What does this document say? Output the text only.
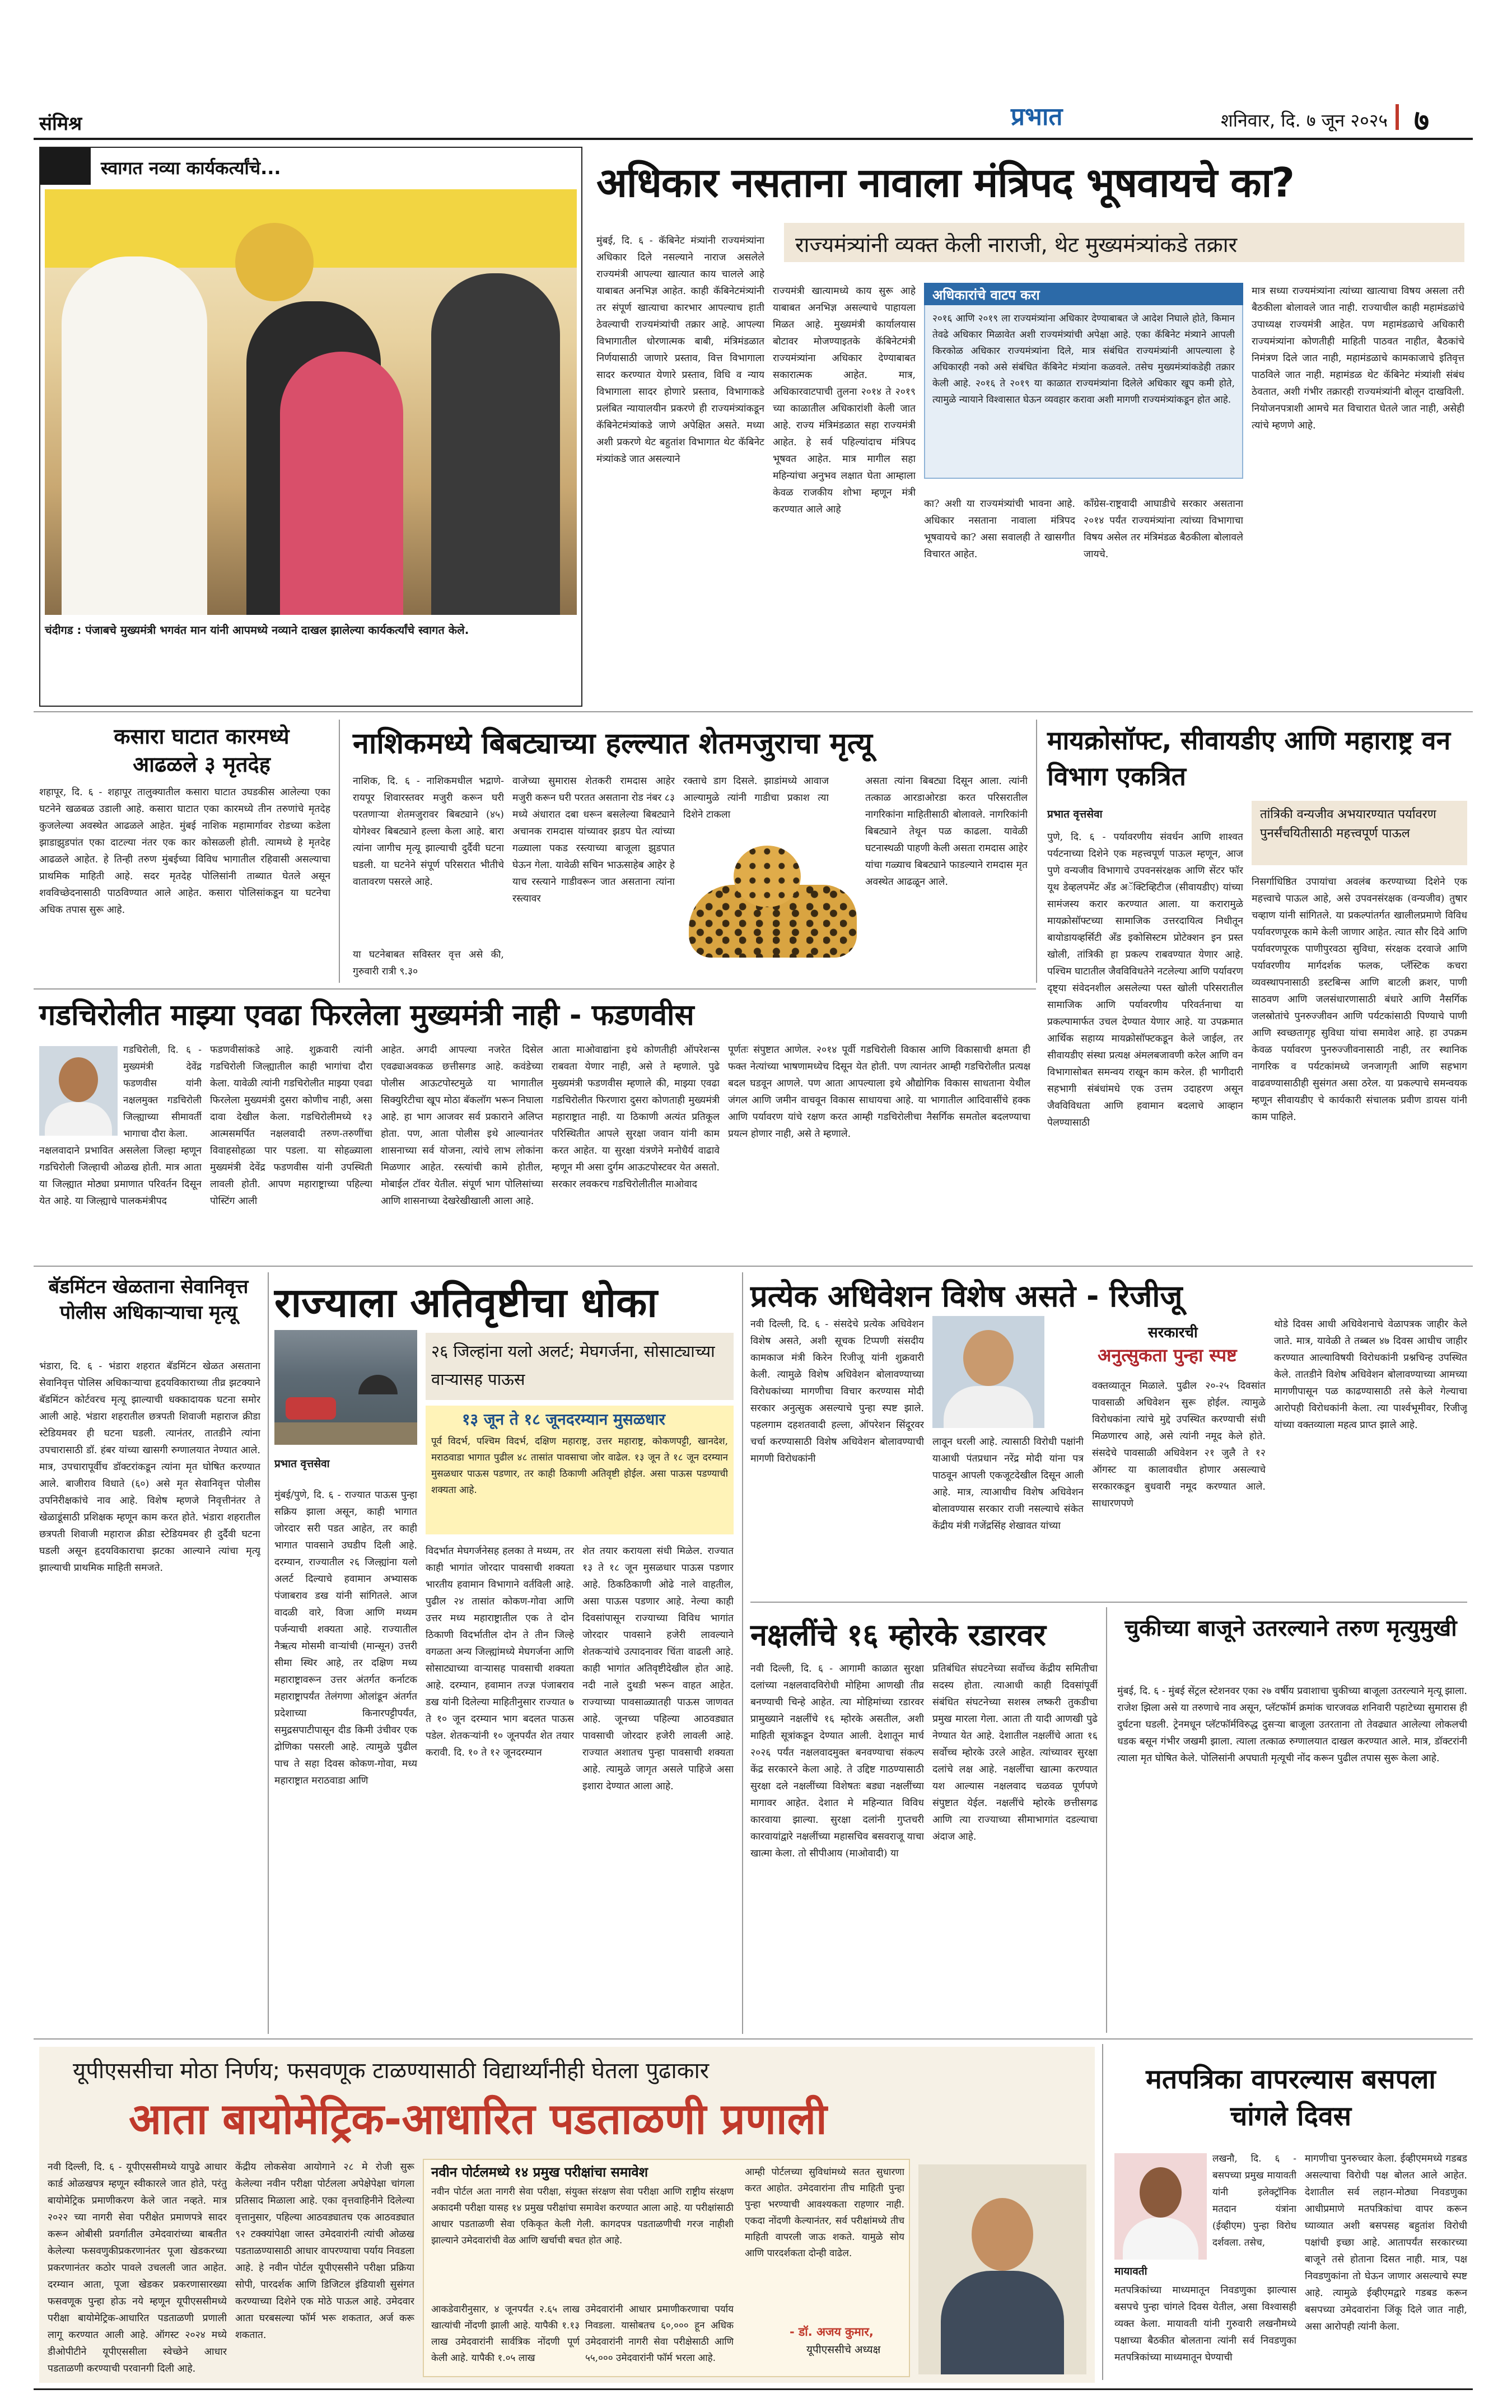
संमिश्र	प्रभात	शनिवार, दि. ७ जून २०२५ ७
स्वागत नव्या कार्यकर्त्यांचे...
चंदीगड : पंजाबचे मुख्यमंत्री भगवंत मान यांनी आपमध्ये नव्याने दाखल झालेल्या कार्यकर्त्यांचे स्वागत केले.
अधिकार नसताना नावाला मंत्रिपद भूषवायचे का?
राज्यमंत्र्यांनी व्यक्त केली नाराजी, थेट मुख्यमंत्र्यांकडे तक्रार
मुंबई, दि. ६ - कॅबिनेट मंत्र्यांनी राज्यमंत्र्यांना अधिकार दिले नसल्याने नाराज असलेले राज्यमंत्री आपल्या खात्यात काय चालले आहे याबाबत अनभिज्ञ आहेत. काही कॅबिनेटमंत्र्यांनी तर संपूर्ण खात्याचा कारभार आपल्याच हाती ठेवल्याची राज्यमंत्र्यांची तक्रार आहे. आपल्या विभागातील धोरणात्मक बाबी, मंत्रिमंडळात निर्णयासाठी जाणारे प्रस्ताव, वित्त विभागाला सादर करण्यात येणारे प्रस्ताव, विधि व न्याय विभागाला सादर होणारे प्रस्ताव, विभागाकडे प्रलंबित न्यायालयीन प्रकरणे ही राज्यमंत्र्यांकडून कॅबिनेटमंत्र्यांकडे जाणे अपेक्षित असते. मध्या अशी प्रकरणे थेट बहुतांश विभागात थेट कॅबिनेट मंत्र्यांकडे जात असल्याने
राज्यमंत्री खात्यामध्ये काय सुरू आहे याबाबत अनभिज्ञ असल्याचे पाहायला मिळत आहे. मुख्यमंत्री कार्यालयास बोटावर मोजण्याइतके कॅबिनेटमंत्री राज्यमंत्र्यांना अधिकार देण्याबाबत सकारात्मक आहेत. मात्र, अधिकारवाटपाची तुलना २०१४ ते २०१९ च्या काळातील अधिकारांशी केली जात आहे. राज्य मंत्रिमंडळात सहा राज्यमंत्री आहेत. हे सर्व पहिल्यांदाच मंत्रिपद भूषवत आहेत. मात्र मागील सहा महिन्यांचा अनुभव लक्षात घेता आम्हाला केवळ राजकीय शोभा म्हणून मंत्री करण्यात आले आहे
अधिकारांचे वाटप करा
२०१६ आणि २०१९ ला राज्यमंत्र्यांना अधिकार देण्याबाबत जे आदेश निघाले होते, किमान तेवढे अधिकार मिळावेत अशी राज्यमंत्र्यांची अपेक्षा आहे. एका कॅबिनेट मंत्र्याने आपली किरकोळ अधिकार राज्यमंत्र्यांना दिले, मात्र संबंधित राज्यमंत्र्यांनी आपल्याला हे अधिकारही नको असे संबंधित कॅबिनेट मंत्र्यांना कळवले. तसेच मुख्यमंत्र्यांकडेही तक्रार केली आहे. २०१६ ते २०१९ या काळात राज्यमंत्र्यांना दिलेले अधिकार खूप कमी होते, त्यामुळे न्यायाने विश्वासात घेऊन व्यवहार करावा अशी मागणी राज्यमंत्र्यांकडून होत आहे.
का? अशी या राज्यमंत्र्यांची भावना आहे. अधिकार नसताना नावाला मंत्रिपद भूषवायचे का? असा सवालही ते खासगीत विचारत आहेत.
काँग्रेस-राष्ट्रवादी आघाडीचे सरकार असताना २०१४ पर्यंत राज्यमंत्र्यांना त्यांच्या विभागाचा विषय असेल तर मंत्रिमंडळ बैठकीला बोलावले जायचे.
मात्र सध्या राज्यमंत्र्यांना त्यांच्या खात्याचा विषय असला तरी बैठकीला बोलावले जात नाही. राज्याचील काही महामंडळांचे उपाध्यक्ष राज्यमंत्री आहेत. पण महामंडळाचे अधिकारी राज्यमंत्र्यांना कोणतीही माहिती पाठवत नाहीत, बैठकांचे निमंत्रण दिले जात नाही, महामंडळाचे कामकाजाचे इतिवृत्त पाठविले जात नाही. महामंडळ थेट कॅबिनेट मंत्र्यांशी संबंध ठेवतात, अशी गंभीर तक्रारही राज्यमंत्र्यांनी बोलून दाखविली. नियोजनपत्राशी आमचे मत विचारात घेतले जात नाही, असेही त्यांचे म्हणणे आहे.
कसारा घाटात कारमध्ये आढळले ३ मृतदेह
शहापूर, दि. ६ - शहापूर तालुक्यातील कसारा घाटात उघडकीस आलेल्या एका घटनेने खळबळ उडाली आहे. कसारा घाटात एका कारमध्ये तीन तरुणांचे मृतदेह कुजलेल्या अवस्थेत आढळले आहेत. मुंबई नाशिक महामार्गावर रोडच्या कडेला झाडाझुडपांत एका दाटल्या नंतर एक कार कोसळली होती. त्यामध्ये हे मृतदेह आढळले आहेत. हे तिन्ही तरुण मुंबईच्या विविध भागातील रहिवासी असल्याचा प्राथमिक माहिती आहे. सदर मृतदेह पोलिसांनी ताब्यात घेतले असून शवविच्छेदनासाठी पाठविण्यात आले आहेत. कसारा पोलिसांकडून या घटनेचा अधिक तपास सुरू आहे.
नाशिकमध्ये बिबट्याच्या हल्ल्यात शेतमजुराचा मृत्यू
नाशिक, दि. ६ - नाशिकमधील भद्राणे-रायपूर शिवारस्तवर मजुरी करून घरी परतणाऱ्या शेतमजुरावर बिबट्याने (४५) योगेश्वर बिबट्याने हल्ला केला आहे. बारा त्यांना जागीच मृत्यू झाल्याची दुर्दैवी घटना घडली. या घटनेने संपूर्ण परिसरात भीतीचे वातावरण पसरले आहे.
या घटनेबाबत सविस्तर वृत्त असे की, गुरुवारी रात्री ९.३०
वाजेच्या सुमारास शेतकरी रामदास आहेर मजुरी करून घरी परतत असताना रोड नंबर ८३ मध्ये अंधारात दबा धरून बसलेल्या बिबट्याने अचानक रामदास यांच्यावर झडप घेत त्यांच्या गळ्याला पकड रस्त्याच्या बाजूला झुडपात घेऊन गेला. यावेळी सचिन भाऊसाहेब आहेर हे याच रस्त्याने गाडीवरून जात असताना त्यांना रस्त्यावर
रक्ताचे डाग दिसले. झाडांमध्ये आवाज आल्यामुळे त्यांनी गाडीचा प्रकाश त्या दिशेने टाकला
असता त्यांना बिबट्या दिसून आला. त्यांनी तत्काळ आरडाओरडा करत परिसरातील नागरिकांना माहितीसाठी बोलावले. नागरिकांनी बिबट्याने तेथून पळ काढला. यावेळी घटनास्थळी पाहणी केली असता रामदास आहेर यांचा गळ्याच बिबट्याने फाडल्याने रामदास मृत अवस्थेत आढळून आले.
मायक्रोसॉफ्ट, सीवायडीए आणि महाराष्ट्र वन विभाग एकत्रित
प्रभात वृत्तसेवा	तांत्रिकी वन्यजीव अभयारण्यात पर्यावरण पुनर्संचयितीसाठी महत्त्वपूर्ण पाऊल
पुणे, दि. ६ - पर्यावरणीय संवर्धन आणि शाश्वत पर्यटनाच्या दिशेने एक महत्त्वपूर्ण पाऊल म्हणून, आज पुणे वन्यजीव विभागाचे उपवनसंरक्षक आणि सेंटर फॉर यूथ डेव्हलपमेंट अँड अॅक्टिव्हिटीज (सीवायडीए) यांच्या सामंजस्य करार करण्यात आला. या करारामुळे मायक्रोसॉफ्टच्या सामाजिक उत्तरदायित्व निधीतून बायोडायव्हर्सिटी अँड इकोसिस्टम प्रोटेक्शन इन प्रस्त खोली, तांत्रिकी हा प्रकल्प राबवण्यात येणार आहे. पश्चिम घाटातील जैवविविधतेने नटलेल्या आणि पर्यावरण दृष्ट्या संवेदनशील असलेल्या पस्त खोली परिसरातील सामाजिक आणि पर्यावरणीय परिवर्तनाचा या प्रकल्पामार्फत उचल देण्यात येणार आहे. या उपक्रमात आर्थिक सहाय्य मायक्रोसॉफ्टकडून केले जाईल, तर सीवायडीए संस्था प्रत्यक्ष अंमलबजावणी करेल आणि वन विभागासोबत समन्वय राखून काम करेल. ही भागीदारी सहभागी संबंधांमधे एक उत्तम उदाहरण असून जैवविविधता आणि हवामान बदलाचे आव्हान पेलण्यासाठी
निसर्गाधिष्ठित उपायांचा अवलंब करण्याच्या दिशेने एक महत्त्वाचे पाऊल आहे, असे उपवनसंरक्षक (वन्यजीव) तुषार चव्हाण यांनी सांगितले. या प्रकल्पांतर्गत खालीलप्रमाणे विविध पर्यावरणपूरक कामे केली जाणार आहेत. त्यात सौर दिवे आणि पर्यावरणपूरक पाणीपुरवठा सुविधा, संरक्षक दरवाजे आणि पर्यावरणीय मार्गदर्शक फलक, प्लॅस्टिक कचरा व्यवस्थापनासाठी डस्टबिन्स आणि बाटली क्रशर, पाणी साठवण आणि जलसंधारणासाठी बंधारे आणि नैसर्गिक जलस्रोतांचे पुनरुज्जीवन आणि पर्यटकांसाठी पिण्याचे पाणी आणि स्वच्छतागृह सुविधा यांचा समावेश आहे. हा उपक्रम केवळ पर्यावरण पुनरुज्जीवनासाठी नाही, तर स्थानिक नागरिक व पर्यटकांमध्ये जनजागृती आणि सहभाग वाढवण्यासाठीही सुसंगत असा ठरेल. या प्रकल्पाचे समन्वयक म्हणून सीवायडीए चे कार्यकारी संचालक प्रवीण डायस यांनी काम पाहिले.
गडचिरोलीत माझ्या एवढा फिरलेला मुख्यमंत्री नाही - फडणवीस
गडचिरोली, दि. ६ - मुख्यमंत्री देवेंद्र फडणवीस यांनी नक्षलमुक्त गडचिरोली जिल्ह्याच्या सीमावर्ती भागाचा दौरा केला.
नक्षलवादाने प्रभावित असलेला जिल्हा म्हणून गडचिरोली जिल्हाची ओळख होती. मात्र आता या जिल्ह्यात मोठ्या प्रमाणात परिवर्तन दिसून येत आहे. या जिल्ह्याचे पालकमंत्रीपद
फडणवीसांकडे आहे. शुक्रवारी त्यांनी गडचिरोली जिल्ह्यातील काही भागांचा दौरा केला. यावेळी त्यांनी गडचिरोलीत माझ्या एवढा फिरलेला मुख्यमंत्री दुसरा कोणीच नाही, असा दावा देखील केला. गडचिरोलीमध्ये १३ आत्मसमर्पित नक्षलवादी तरुण-तरुणींचा विवाहसोहळा पार पडला. या सोहळ्याला मुख्यमंत्री देवेंद्र फडणवीस यांनी उपस्थिती लावली होती. आपण महाराष्ट्राच्या पहिल्या पोस्टिंग आली
आहेत. अगदी आपल्या नजरेत दिसेल एवढ्याअवकळ छत्तीसगड आहे. कवंडेच्या पोलीस आऊटपोस्टमुळे या भागातील सिक्युरिटीचा खूप मोठा बॅकलॉग भरून निघाला आहे. हा भाग आजवर सर्व प्रकाराने अलिप्त होता. पण, आता पोलीस इथे आल्यानंतर शासनाच्या सर्व योजना, त्यांचे लाभ लोकांना मिळणार आहेत. रस्त्यांची कामे होतील, मोबाईल टॉवर येतील. संपूर्ण भाग पोलिसांच्या आणि शासनाच्या देखरेखीखाली आला आहे.
आता माओवाद्यांना इथे कोणतीही ऑपरेशन्स राबवता येणार नाही, असे ते म्हणाले. पुढे मुख्यमंत्री फडणवीस म्हणाले की, माझ्या एवढा गडचिरोलीत फिरणारा दुसरा कोणताही मुख्यमंत्री महाराष्ट्रात नाही. या ठिकाणी अत्यंत प्रतिकूल परिस्थितीत आपले सुरक्षा जवान यांनी काम करत आहेत. या सुरक्षा यंत्रणेने मनोधैर्य वाढावे म्हणून मी असा दुर्गम आऊटपोस्टवर येत असतो. सरकार लवकरच गडचिरोलीतील माओवाद
पूर्णतः संपुष्टात आणेल. २०१४ पूर्वी गडचिरोली विकास आणि विकासाची क्षमता ही फक्त नेत्यांच्या भाषणामध्येच दिसून येत होती. पण त्यानंतर आम्ही गडचिरोलीत प्रत्यक्ष बदल घडवून आणले. पण आता आपल्याला इथे औद्योगिक विकास साधताना येथील जंगल आणि जमीन वाचवून विकास साधायचा आहे. या भागातील आदिवासींचे हक्क आणि पर्यावरण यांचे रक्षण करत आम्ही गडचिरोलीचा नैसर्गिक समतोल बदलण्याचा प्रयत्न होणार नाही, असे ते म्हणाले.
बॅडमिंटन खेळताना सेवानिवृत्त पोलीस अधिकाऱ्याचा मृत्यू
भंडारा, दि. ६ - भंडारा शहरात बॅडमिंटन खेळत असताना सेवानिवृत्त पोलिस अधिकाऱ्याचा हृदयविकाराच्या तीव्र झटक्याने बॅडमिंटन कोर्टवरच मृत्यू झाल्याची धक्कादायक घटना समोर आली आहे. भंडारा शहरातील छत्रपती शिवाजी महाराज क्रीडा स्टेडियमवर ही घटना घडली. त्यानंतर, तातडीने त्यांना उपचारासाठी डॉ. हंबर यांच्या खासगी रुग्णालयात नेण्यात आले. मात्र, उपचारापूर्वीच डॉक्टरांकडून त्यांना मृत घोषित करण्यात आले. बाजीराव विधाते (६०) असे मृत सेवानिवृत्त पोलीस उपनिरीक्षकांचे नाव आहे. विशेष म्हणजे निवृत्तीनंतर ते खेळाडूंसाठी प्रशिक्षक म्हणून काम करत होते. भंडारा शहरातील छत्रपती शिवाजी महाराज क्रीडा स्टेडियमवर ही दुर्दैवी घटना घडली असून हृदयविकाराचा झटका आल्याने त्यांचा मृत्यू झाल्याची प्राथमिक माहिती समजते.
राज्याला अतिवृष्टीचा धोका
२६ जिल्हांना यलो अलर्ट; मेघगर्जना, सोसाट्याच्या वाऱ्यासह पाऊस
१३ जून ते १८ जूनदरम्यान मुसळधार
पूर्व विदर्भ, पश्चिम विदर्भ, दक्षिण महाराष्ट्र, उत्तर महाराष्ट्र, कोकणपट्टी, खानदेश, मराठवाडा भागात पुढील ४८ तासांत पावसाचा जोर वाढेल. १३ जून ते १८ जून दरम्यान मुसळधार पाऊस पडणार, तर काही ठिकाणी अतिवृष्टी होईल. असा पाऊस पडण्याची शक्यता आहे.
प्रभात वृत्तसेवा
मुंबई/पुणे, दि. ६ - राज्यात पाऊस पुन्हा सक्रिय झाला असून, काही भागात जोरदार सरी पडत आहेत, तर काही भागात पावसाने उघडीप दिली आहे. दरम्यान, राज्यातील २६ जिल्ह्यांना यलो अलर्ट दिल्याचे हवामान अभ्यासक पंजाबराव डख यांनी सांगितले. आज वादळी वारे, विजा आणि मध्यम पर्जन्याची शक्यता आहे. राज्यातील नैऋत्य मोसमी वाऱ्यांची (मान्सून) उत्तरी सीमा स्थिर आहे, तर दक्षिण मध्य महाराष्ट्रावरून उत्तर अंतर्गत कर्नाटक महाराष्ट्रापर्यंत तेलंगणा ओलांडून अंतर्गत प्रदेशाच्या किनारपट्टीपर्यंत, समुद्रसपाटीपासून दीड किमी उंचीवर एक द्रोणिका पसरली आहे. त्यामुळे पुढील पाच ते सहा दिवस कोकण-गोवा, मध्य महाराष्ट्रात मराठवाडा आणि
विदर्भात मेघगर्जनेसह हलका ते मध्यम, तर काही भागांत जोरदार पावसाची शक्यता भारतीय हवामान विभागाने वर्तविली आहे. पुढील २४ तासांत कोकण-गोवा आणि उत्तर मध्य महाराष्ट्रातील एक ते दोन ठिकाणी विदर्भातील दोन ते तीन जिल्हे वगळता अन्य जिल्ह्यांमध्ये मेघगर्जना आणि सोसाट्याच्या वाऱ्यासह पावसाची शक्यता आहे. दरम्यान, हवामान तज्ज्ञ पंजाबराव डख यांनी दिलेल्या माहितीनुसार राज्यात ७ ते १० जून दरम्यान भाग बदलत पाऊस पडेल. शेतकऱ्यांनी १० जूनपर्यंत शेत तयार करावी. दि. १० ते १२ जूनदरम्यान
शेत तयार करायला संधी मिळेल. राज्यात १३ ते १८ जून मुसळधार पाऊस पडणार आहे. ठिकठिकाणी ओढे नाले वाहतील, असा पाऊस पडणार आहे. नेल्या काही दिवसांपासून राज्याच्या विविध भागांत जोरदार पावसाने हजेरी लावल्याने शेतकऱ्यांचे उत्पादनावर चिंता वाढली आहे. काही भागांत अतिवृष्टीदेखील होत आहे. नदी नाले दुथडी भरून वाहत आहेत. राज्याच्या पावसाळ्यातही पाऊस जाणवत आहे. जूनच्या पहिल्या आठवड्यात पावसाची जोरदार हजेरी लावली आहे. राज्यात अशातच पुन्हा पावसाची शक्यता आहे. त्यामुळे जागृत असले पाहिजे असा इशारा देण्यात आला आहे.
प्रत्येक अधिवेशन विशेष असते - रिजीजू
नवी दिल्ली, दि. ६ - संसदेचे प्रत्येक अधिवेशन विशेष असते, अशी सूचक टिप्पणी संसदीय कामकाज मंत्री किरेन रिजीजू यांनी शुक्रवारी केली. त्यामुळे विशेष अधिवेशन बोलावण्याच्या विरोधकांच्या मागणीचा विचार करण्यास मोदी सरकार अनुत्सुक असल्याचे पुन्हा स्पष्ट झाले. पहलगाम दहशतवादी हल्ला, ऑपरेशन सिंदूरवर चर्चा करण्यासाठी विशेष अधिवेशन बोलावण्याची मागणी विरोधकांनी
लावून धरली आहे. त्यासाठी विरोधी पक्षांनी याआधी पंतप्रधान नरेंद्र मोदी यांना पत्र पाठवून आपली एकजूटदेखील दिसून आली आहे. मात्र, त्याआधीच विशेष अधिवेशन बोलावण्यास सरकार राजी नसल्याचे संकेत केंद्रीय मंत्री गजेंद्रसिंह शेखावत यांच्या
सरकारची
अनुत्सुकता पुन्हा स्पष्ट
वक्तव्यातून मिळाले. पुढील २०-२५ दिवसांत पावसाळी अधिवेशन सुरू होईल. त्यामुळे विरोधकांना त्यांचे मुद्दे उपस्थित करण्याची संधी मिळणारच आहे, असे त्यांनी नमूद केले होते. संसदेचे पावसाळी अधिवेशन २१ जुलै ते १२ ऑगस्ट या कालावधीत होणार असल्याचे सरकारकडून बुधवारी नमूद करण्यात आले. साधारणपणे
थोडे दिवस आधी अधिवेशनाचे वेळापत्रक जाहीर केले जाते. मात्र, यावेळी ते तब्बल ४७ दिवस आधीच जाहीर करण्यात आल्याविषयी विरोधकांनी प्रश्नचिन्ह उपस्थित केले. तातडीने विशेष अधिवेशन बोलावण्याच्या आमच्या मागणीपासून पळ काढण्यासाठी तसे केले गेल्याचा आरोपही विरोधकांनी केला. त्या पार्श्वभूमीवर, रिजीजू यांच्या वक्तव्याला महत्व प्राप्त झाले आहे.
नक्षलींचे १६ म्होरके रडारवर
नवी दिल्ली, दि. ६ - आगामी काळात सुरक्षा दलांच्या नक्षलवादविरोधी मोहिमा आणखी तीव्र बनण्याची चिन्हे आहेत. त्या मोहिमांच्या रडारवर प्रामुख्याने नक्षलींचे १६ म्होरके असतील, अशी माहिती सूत्रांकडून देण्यात आली. देशातून मार्च २०२६ पर्यंत नक्षलवादमुक्त बनवण्याचा संकल्प केंद्र सरकारने केला आहे. ते उद्दिष्ट गाठण्यासाठी सुरक्षा दले नक्षलींच्या विशेषतः बड्या नक्षलींच्या मागावर आहेत. देशात मे महिन्यात विविध कारवाया झाल्या. सुरक्षा दलांनी गुप्तचरी कारवायांद्वारे नक्षलींच्या महासचिव बसवराजू याचा खात्मा केला. तो सीपीआय (माओवादी) या
प्रतिबंधित संघटनेच्या सर्वोच्च केंद्रीय समितीचा सदस्य होता. त्याआधी काही दिवसांपूर्वी संबंधित संघटनेच्या सशस्त्र लष्करी तुकडीचा प्रमुख मारला गेला. आता ती यादी आणखी पुढे नेण्यात येत आहे. देशातील नक्षलींचे आता १६ सर्वोच्च म्होरके उरले आहेत. त्यांच्यावर सुरक्षा दलांचे लक्ष आहे. नक्षलींचा खात्मा करण्यात यश आल्यास नक्षलवाद चळवळ पूर्णपणे संपुष्टात येईल. नक्षलींचे म्होरके छत्तीसगढ आणि त्या राज्याच्या सीमाभागांत दडल्याचा अंदाज आहे.
चुकीच्या बाजूने उतरल्याने तरुण मृत्युमुखी
मुंबई, दि. ६ - मुंबई सेंट्रल स्टेशनवर एका २७ वर्षीय प्रवाशाचा चुकीच्या बाजूला उतरल्याने मृत्यू झाला. राजेश झिला असे या तरुणाचे नाव असून, प्लॅटफॉर्म क्रमांक चारजवळ शनिवारी पहाटेच्या सुमारास ही दुर्घटना घडली. ट्रेनमधून प्लॅटफॉर्मविरुद्ध दुसऱ्या बाजूला उतरताना तो तेवढ्यात आलेल्या लोकलची धडक बसून गंभीर जखमी झाला. त्याला तत्काळ रुग्णालयात दाखल करण्यात आले. मात्र, डॉक्टरांनी त्याला मृत घोषित केले. पोलिसांनी अपघाती मृत्यूची नोंद करून पुढील तपास सुरू केला आहे.
यूपीएससीचा मोठा निर्णय; फसवणूक टाळण्यासाठी विद्यार्थ्यांनीही घेतला पुढाकार
आता बायोमेट्रिक-आधारित पडताळणी प्रणाली
नवी दिल्ली, दि. ६ - यूपीएससीमध्ये यापुढे आधार कार्ड ओळखपत्र म्हणून स्वीकारले जात होते, परंतु बायोमेट्रिक प्रमाणीकरण केले जात नव्हते. मात्र २०२२ च्या नागरी सेवा परीक्षेत प्रमाणपत्रे सादर करून ओबीसी प्रवर्गातील उमेदवारांच्या बाबतीत केलेल्या फसवणुकीप्रकरणानंतर पूजा खेडकरच्या प्रकरणानंतर कठोर पावले उचलली जात आहेत. दरम्यान आता, पूजा खेडकर प्रकरणासारख्या फसवणूक पुन्हा होऊ नये म्हणून यूपीएससीमध्ये परीक्षा बायोमेट्रिक-आधारित पडताळणी प्रणाली लागू करण्यात आली आहे. ऑगस्ट २०२४ मध्ये डीओपीटीने यूपीएससीला स्वेच्छेने आधार पडताळणी करण्याची परवानगी दिली आहे.
केंद्रीय लोकसेवा आयोगाने २८ मे रोजी सुरू केलेल्या नवीन परीक्षा पोर्टलला अपेक्षेपेक्षा चांगला प्रतिसाद मिळाला आहे. एका वृत्तवाहिनीने दिलेल्या वृत्तानुसार, पहिल्या आठवड्यातच एक आठवड्यात ९२ टक्क्यांपेक्षा जास्त उमेदवारांनी त्यांची ओळख पडताळण्यासाठी आधार वापरण्याचा पर्याय निवडला आहे. हे नवीन पोर्टल यूपीएससीने परीक्षा प्रक्रिया सोपी, पारदर्शक आणि डिजिटल इंडियाशी सुसंगत करण्याच्या दिशेने एक मोठे पाऊल आहे. उमेदवार आता घरबसल्या फॉर्म भरू शकतात, अर्ज करू शकतात.
नवीन पोर्टलमध्ये १४ प्रमुख परीक्षांचा समावेश
नवीन पोर्टल अता नागरी सेवा परीक्षा, संयुक्त संरक्षण सेवा परीक्षा आणि राष्ट्रीय संरक्षण अकादमी परीक्षा यासह १४ प्रमुख परीक्षांचा समावेश करण्यात आला आहे. या परीक्षांसाठी आधार पडताळणी सेवा एकिकृत केली गेली. कागदपत्र पडताळणीची गरज नाहीशी झाल्याने उमेदवारांची वेळ आणि खर्चाची बचत होत आहे.
आकडेवारीनुसार, ४ जूनपर्यंत २.६५ लाख खात्यांची नोंदणी झाली आहे. यापैकी १.१३ लाख उमेदवारांनी सार्वत्रिक नोंदणी पूर्ण केली आहे. यापैकी १.०५ लाख
उमेदवारांनी आधार प्रमाणीकरणाचा पर्याय निवडला. यासोबतच ६०,००० हून अधिक उमेदवारांनी नागरी सेवा परीक्षेसाठी आणि ५५,००० उमेदवारांनी फॉर्म भरला आहे.
आम्ही पोर्टलच्या सुविधांमध्ये सतत सुधारणा करत आहोत. उमेदवारांना तीच माहिती पुन्हा पुन्हा भरण्याची आवश्यकता राहणार नाही. एकदा नोंदणी केल्यानंतर, सर्व परीक्षांमध्ये तीच माहिती वापरली जाऊ शकते. यामुळे सोय आणि पारदर्शकता दोन्ही वाढेल.
- डॉ. अजय कुमार,
यूपीएससीचे अध्यक्ष
मतपत्रिका वापरल्यास बसपला चांगले दिवस
लखनौ, दि. ६ - बसपच्या प्रमुख मायावती यांनी इलेक्ट्रॉनिक मतदान यंत्रांना (ईव्हीएम) पुन्हा विरोध दर्शवला. तसेच,
मायावती
मतपत्रिकांच्या माध्यमातून निवडणुका झाल्यास बसपचे पुन्हा चांगले दिवस येतील, असा विश्वासही व्यक्त केला. मायावती यांनी गुरुवारी लखनौमध्ये पक्षाच्या बैठकीत बोलताना त्यांनी सर्व निवडणुका मतपत्रिकांच्या माध्यमातून घेण्याची
मागणीचा पुनरुच्चार केला. ईव्हीएममध्ये गडबड असल्याचा विरोधी पक्ष बोलत आले आहेत. देशातील सर्व लहान-मोठ्या निवडणुका आधीप्रमाणे मतपत्रिकांचा वापर करून घ्याव्यात अशी बसपसह बहुतांश विरोधी पक्षांची इच्छा आहे. आतापर्यंत सरकारच्या बाजूने तसे होताना दिसत नाही. मात्र, पक्ष निवडणुकांना तो घेऊन जाणार असल्याचे स्पष्ट आहे. त्यामुळे ईव्हीएमद्वारे गडबड करून बसपच्या उमेदवारांना जिंकू दिले जात नाही, असा आरोपही त्यांनी केला.
